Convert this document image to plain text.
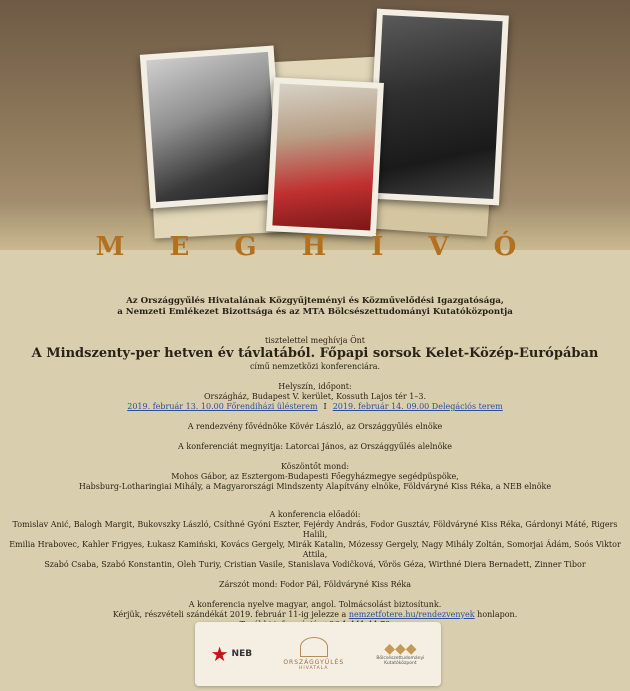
M E G H Í V Ó

Az Országgyűlés Hivatalának Közgyűjteményi és Közművelődési Igazgatósága,

a Nemzeti Emlékezet Bizottsága és az MTA Bölcsészettudományi Kutatóközpontja

tisztelettel meghívja Önt

A Mindszenty-per hetven év távlatából. Főpapi sorsok Kelet-Közép-Európában

című nemzetközi konferenciára.

Helyszín, időpont:

Országház, Budapest V. kerület, Kossuth Lajos tér 1–3.

2019. február 13. 10.00 Főrendiházi ülésterem I 2019. február 14. 09.00 Delegációs terem

A rendezvény fővédnöke Kövér László, az Országgyűlés elnöke

A konferenciát megnyitja: Latorcai János, az Országgyűlés alelnöke

Köszöntőt mond:

Mohos Gábor, az Esztergom-Budapesti Főegyházmegye segédpüspöke,

Habsburg-Lotharingiai Mihály, a Magyarországi Mindszenty Alapítvány elnöke, Földváryné Kiss Réka, a NEB elnöke

A konferencia előadói:

Tomislav Anić, Balogh Margit, Bukovszky László, Csíthné Gyóni Eszter, Fejérdy András, Fodor Gusztáv, Földváryné Kiss Réka, Gárdonyi Máté, Rigers Halili,

Emilia Hrabovec, Kahler Frigyes, Łukasz Kamiński, Kovács Gergely, Mirák Katalin, Mózessy Gergely, Nagy Mihály Zoltán, Somorjai Ádám, Soós Viktor Attila,

Szabó Csaba, Szabó Konstantin, Oleh Turiy, Cristian Vasile, Stanislava Vodičková, Vörös Géza, Wirthné Diera Bernadett, Zinner Tibor

Zárszót mond: Fodor Pál, Földváryné Kiss Réka

A konferencia nyelve magyar, angol. Tolmácsolást biztosítunk.

Kérjük, részvételi szándékát 2019. február 11-ig jelezze a nemzetfotere.hu/rendezvenyek honlapon.

★ NEB
ORSZÁGGYŰLÉS
HIVATALA
◆◆◆
Bölcsészettudományi Kutatóközpont
